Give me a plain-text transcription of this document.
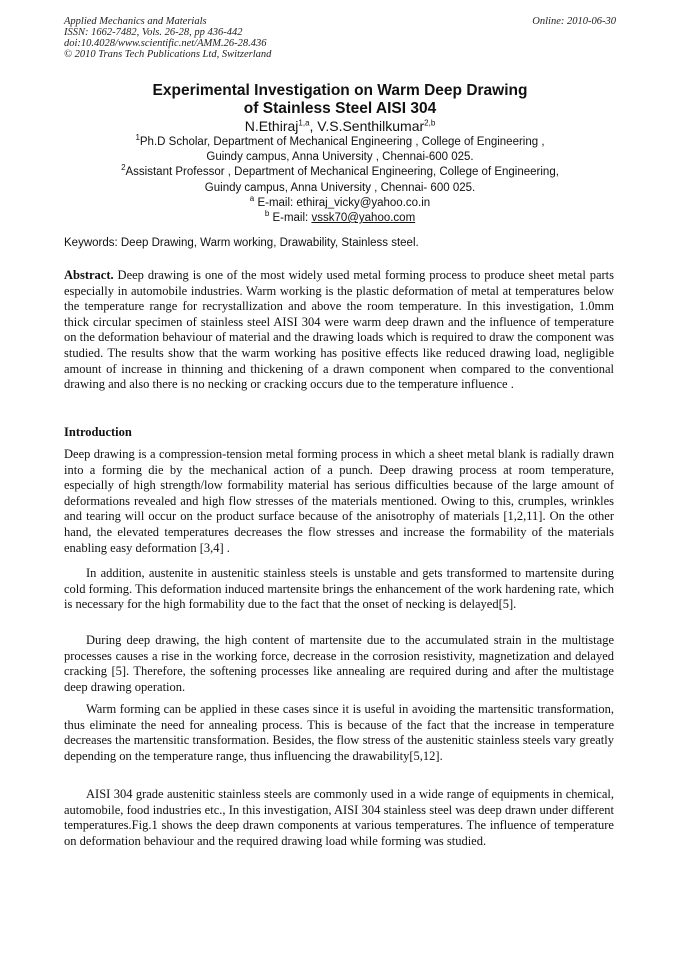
Applied Mechanics and Materials
ISSN: 1662-7482, Vols. 26-28, pp 436-442
doi:10.4028/www.scientific.net/AMM.26-28.436
© 2010 Trans Tech Publications Ltd, Switzerland
Online: 2010-06-30
Experimental Investigation on Warm Deep Drawing
of Stainless Steel AISI 304
N.Ethiraj$^{1,a}$, V.S.Senthilkumar$^{2,b}$
$^1$Ph.D Scholar, Department of Mechanical Engineering , College of Engineering ,
Guindy campus, Anna University , Chennai-600 025.
$^2$Assistant Professor , Department of Mechanical Engineering, College of Engineering,
Guindy campus, Anna University , Chennai- 600 025.
$^a$ E-mail: ethiraj_vicky@yahoo.co.in
$^b$ E-mail: vssk70@yahoo.com
Keywords: Deep Drawing, Warm working, Drawability, Stainless steel.
Abstract. Deep drawing is one of the most widely used metal forming process to produce sheet metal parts especially in automobile industries. Warm working is the plastic deformation of metal at temperatures below the temperature range for recrystallization and above the room temperature. In this investigation, 1.0mm thick circular specimen of stainless steel AISI 304 were warm deep drawn and the influence of temperature on the deformation behaviour of material and the drawing loads which is required to draw the component was studied. The results show that the warm working has positive effects like reduced drawing load, negligible amount of increase in thinning and thickening of a drawn component when compared to the conventional drawing and also there is no necking or cracking occurs due to the temperature influence .
Introduction
Deep drawing is a compression-tension metal forming process in which a sheet metal blank is radially drawn into a forming die by the mechanical action of a punch. Deep drawing process at room temperature, especially of high strength/low formability material has serious difficulties because of the large amount of deformations revealed and high flow stresses of the materials mentioned. Owing to this, crumples, wrinkles and tearing will occur on the product surface because of the anisotrophy of materials [1,2,11]. On the other hand, the elevated temperatures decreases the flow stresses and increase the formability of the materials enabling easy deformation [3,4] .
In addition, austenite in austenitic stainless steels is unstable and gets transformed to martensite during cold forming. This deformation induced martensite brings the enhancement of the work hardening rate, which is necessary for the high formability due to the fact that the onset of necking is delayed[5].
During deep drawing, the high content of martensite due to the accumulated strain in the multistage processes causes a rise in the working force, decrease in the corrosion resistivity, magnetization and delayed cracking [5]. Therefore, the softening processes like annealing are required during and after the multistage deep drawing operation.
Warm forming can be applied in these cases since it is useful in avoiding the martensitic transformation, thus eliminate the need for annealing process. This is because of the fact that the increase in temperature decreases the martensitic transformation. Besides, the flow stress of the austenitic stainless steels vary greatly depending on the temperature range, thus influencing the drawability[5,12].
AISI 304 grade austenitic stainless steels are commonly used in a wide range of equipments in chemical, automobile, food industries etc., In this investigation, AISI 304 stainless steel was deep drawn under different temperatures.Fig.1 shows the deep drawn components at various temperatures. The influence of temperature on deformation behaviour and the required drawing load while forming was studied.
